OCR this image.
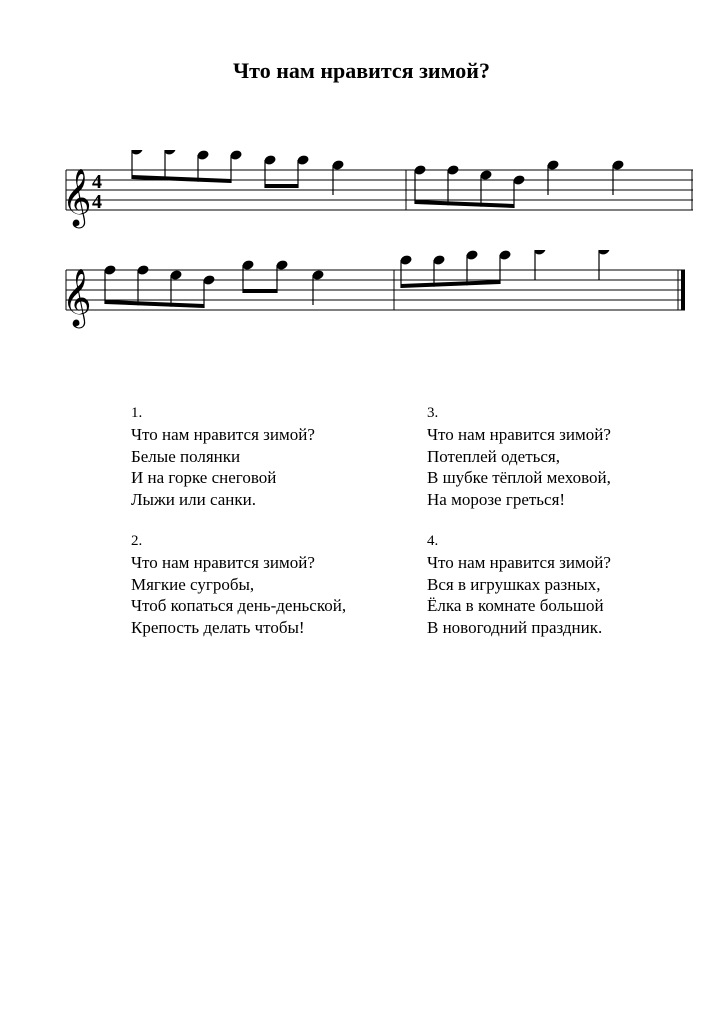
Что нам нравится зимой?
𝄞 4
4
𝄞
1.
Что нам нравится зимой?
Белые полянки
И на горке снеговой
Лыжи или санки.
3.
Что нам нравится зимой?
Потеплей одеться,
В шубке тёплой меховой,
На морозе греться!
2.
Что нам нравится зимой?
Мягкие сугробы,
Чтоб копаться день-деньской,
Крепость делать чтобы!
4.
Что нам нравится зимой?
Вся в игрушках разных,
Ёлка в комнате большой
В новогодний праздник.
